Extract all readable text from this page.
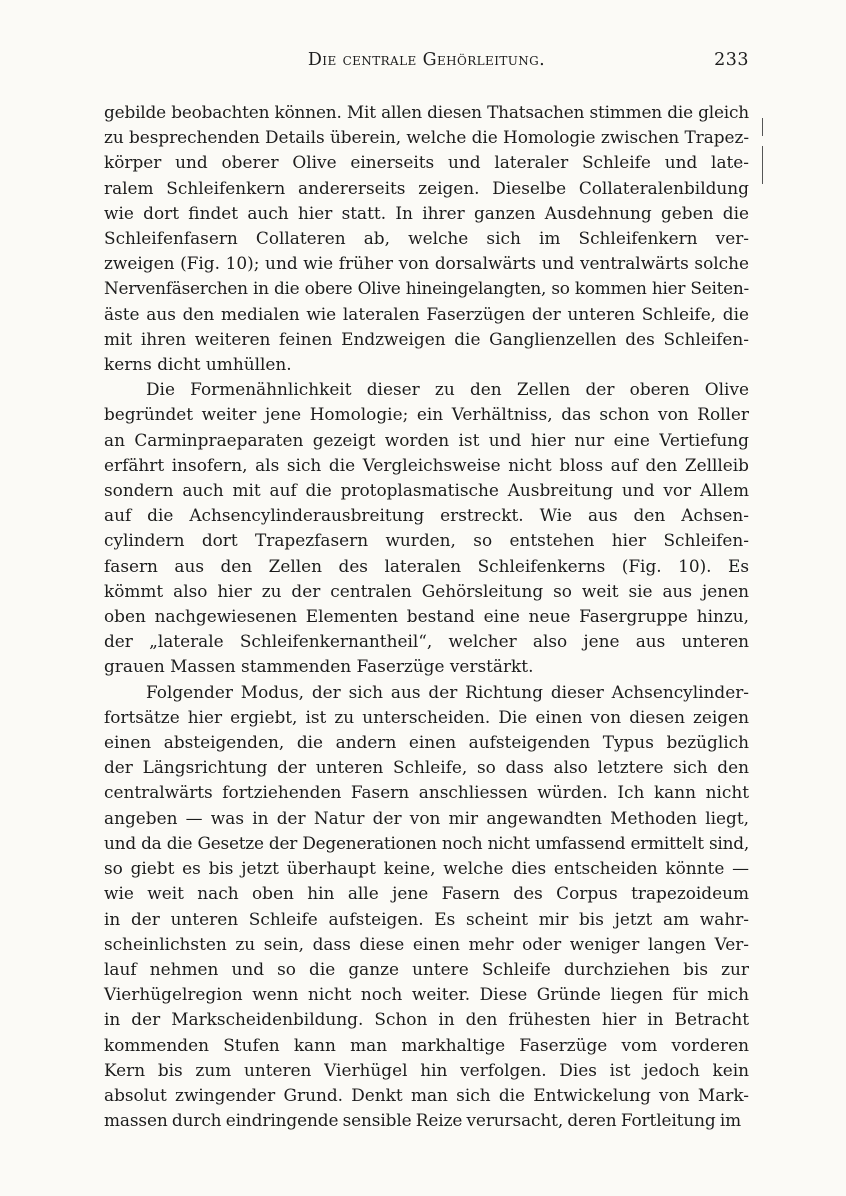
Die centrale Gehörleitung.	233

gebilde beobachten können. Mit allen diesen Thatsachen stimmen die gleich

zu besprechenden Details überein, welche die Homologie zwischen Trapez-

körper und oberer Olive einerseits und lateraler Schleife und late-

ralem Schleifenkern andererseits zeigen. Dieselbe Collateralenbildung

wie dort findet auch hier statt. In ihrer ganzen Ausdehnung geben die

Schleifenfasern Collateren ab, welche sich im Schleifenkern ver-

zweigen (Fig. 10); und wie früher von dorsalwärts und ventralwärts solche

Nervenfäserchen in die obere Olive hineingelangten, so kommen hier Seiten-

äste aus den medialen wie lateralen Faserzügen der unteren Schleife, die

mit ihren weiteren feinen Endzweigen die Ganglienzellen des Schleifen-

kerns dicht umhüllen.

Die Formenähnlichkeit dieser zu den Zellen der oberen Olive

begründet weiter jene Homologie; ein Verhältniss, das schon von Roller

an Carminpraeparaten gezeigt worden ist und hier nur eine Vertiefung

erfährt insofern, als sich die Vergleichsweise nicht bloss auf den Zellleib

sondern auch mit auf die protoplasmatische Ausbreitung und vor Allem

auf die Achsencylinderausbreitung erstreckt. Wie aus den Achsen-

cylindern dort Trapezfasern wurden, so entstehen hier Schleifen-

fasern aus den Zellen des lateralen Schleifenkerns (Fig. 10). Es

kömmt also hier zu der centralen Gehörsleitung so weit sie aus jenen

oben nachgewiesenen Elementen bestand eine neue Fasergruppe hinzu,

der „laterale Schleifenkernantheil“, welcher also jene aus unteren

grauen Massen stammenden Faserzüge verstärkt.

Folgender Modus, der sich aus der Richtung dieser Achsencylinder-

fortsätze hier ergiebt, ist zu unterscheiden. Die einen von diesen zeigen

einen absteigenden, die andern einen aufsteigenden Typus bezüglich

der Längsrichtung der unteren Schleife, so dass also letztere sich den

centralwärts fortziehenden Fasern anschliessen würden. Ich kann nicht

angeben — was in der Natur der von mir angewandten Methoden liegt,

und da die Gesetze der Degenerationen noch nicht umfassend ermittelt sind,

so giebt es bis jetzt überhaupt keine, welche dies entscheiden könnte —

wie weit nach oben hin alle jene Fasern des Corpus trapezoideum

in der unteren Schleife aufsteigen. Es scheint mir bis jetzt am wahr-

scheinlichsten zu sein, dass diese einen mehr oder weniger langen Ver-

lauf nehmen und so die ganze untere Schleife durchziehen bis zur

Vierhügelregion wenn nicht noch weiter. Diese Gründe liegen für mich

in der Markscheidenbildung. Schon in den frühesten hier in Betracht

kommenden Stufen kann man markhaltige Faserzüge vom vorderen

Kern bis zum unteren Vierhügel hin verfolgen. Dies ist jedoch kein

absolut zwingender Grund. Denkt man sich die Entwickelung von Mark-

massen durch eindringende sensible Reize verursacht, deren Fortleitung im
